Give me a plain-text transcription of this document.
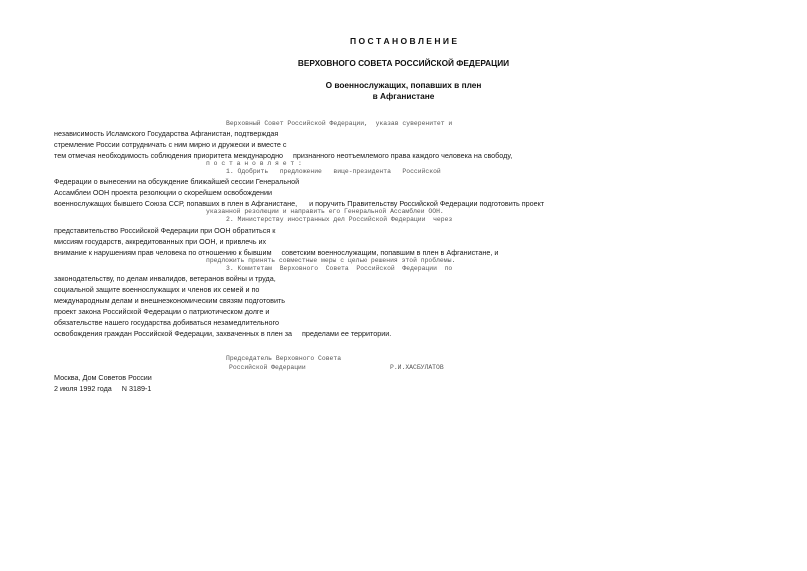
П О С Т А Н О В Л Е Н И Е
ВЕРХОВНОГО СОВЕТА РОССИЙСКОЙ ФЕДЕРАЦИИ
О военнослужащих, попавших в плен
в Афганистане
Верховный Совет Российской Федерации,  указав суверенитет и
независимость Исламского Государства Афганистан, подтверждая
стремление России сотрудничать с ним мирно и дружески и вместе с
тем отмечая необходимость соблюдения приоритета международно     признанного неотъемлемого права каждого человека на свободу,
п о с т а н о в л я е т :
1. Одобрить   предложение   вице-президента   Российской
Федерации о вынесении на обсуждение ближайшей сессии Генеральной
Ассамблеи ООН проекта резолюции о скорейшем освобождении
военнослужащих бывшего Союза ССР, попавших в плен в Афганистане,      и поручить Правительству Российской Федерации подготовить проект
указанной резолюции и направить его Генеральной Ассамблеи ООН.
2. Министерству иностранных дел Российской Федерации  через
представительство Российской Федерации при ООН обратиться к
миссиям государств, аккредитованных при ООН, и привлечь их
внимание к нарушениям прав человека по отношению к бывшим     советским военнослужащим, попавшим в плен в Афганистане, и
предложить принять совместные меры с целью решения этой проблемы.
3. Комитетам  Верховного  Совета  Российской  Федерации  по
законодательству, по делам инвалидов, ветеранов войны и труда,
социальной защите военнослужащих и членов их семей и по
международным делам и внешнеэкономическим связям подготовить
проект закона Российской Федерации о патриотическом долге и
обязательстве нашего государства добиваться незамедлительного
освобождения граждан Российской Федерации, захваченных в плен за     пределами ее территории.
Председатель Верховного Совета
Российской Федерации	Р.И.ХАСБУЛАТОВ
Москва, Дом Советов России
2 июля 1992 года     N 3189-1
